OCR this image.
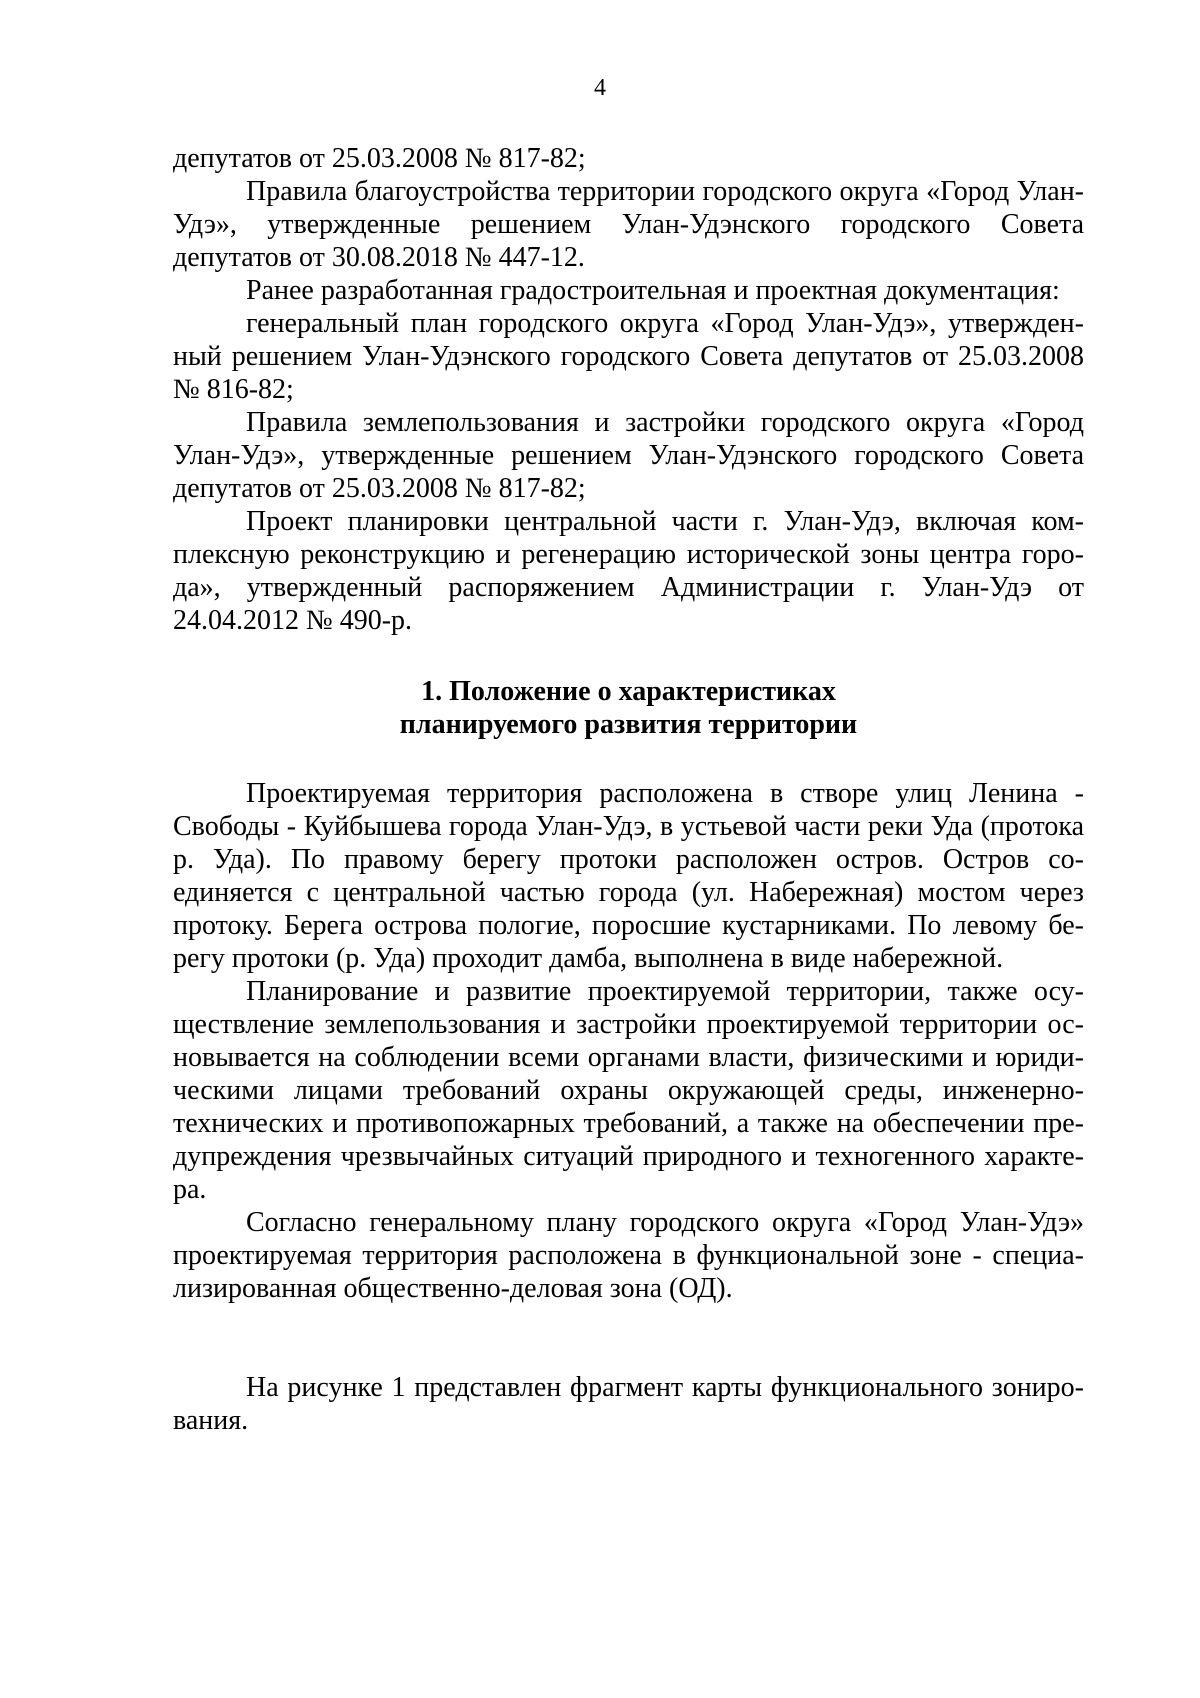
4

депутатов от 25.03.2008 № 817-82;

Правила благоустройства территории городского округа «Город Улан-Удэ», утвержденные решением Улан-Удэнского городского Совета депутатов от 30.08.2018 № 447-12.

Ранее разработанная градостроительная и проектная документация:

генеральный план городского округа «Город Улан-Удэ», утвержденный решением Улан-Удэнского городского Совета депутатов от 25.03.2008 № 816-82;

Правила землепользования и застройки городского округа «Город Улан-Удэ», утвержденные решением Улан-Удэнского городского Совета депутатов от 25.03.2008 № 817-82;

Проект планировки центральной части г. Улан-Удэ, включая комплексную реконструкцию и регенерацию исторической зоны центра города», утвержденный распоряжением Администрации г. Улан-Удэ от 24.04.2012 № 490-р.

1. Положение о характеристиках
планируемого развития территории

Проектируемая территория расположена в створе улиц Ленина - Свободы - Куйбышева города Улан-Удэ, в устьевой части реки Уда (протока р. Уда). По правому берегу протоки расположен остров. Остров соединяется с центральной частью города (ул. Набережная) мостом через протоку. Берега острова пологие, поросшие кустарниками. По левому берегу протоки (р. Уда) проходит дамба, выполнена в виде набережной.

Планирование и развитие проектируемой территории, также осуществление землепользования и застройки проектируемой территории основывается на соблюдении всеми органами власти, физическими и юридическими лицами требований охраны окружающей среды, инженерно-технических и противопожарных требований, а также на обеспечении предупреждения чрезвычайных ситуаций природного и техногенного характера.

Согласно генеральному плану городского округа «Город Улан-Удэ» проектируемая территория расположена в функциональной зоне - специализированная общественно-деловая зона (ОД).

На рисунке 1 представлен фрагмент карты функционального зонирования.
